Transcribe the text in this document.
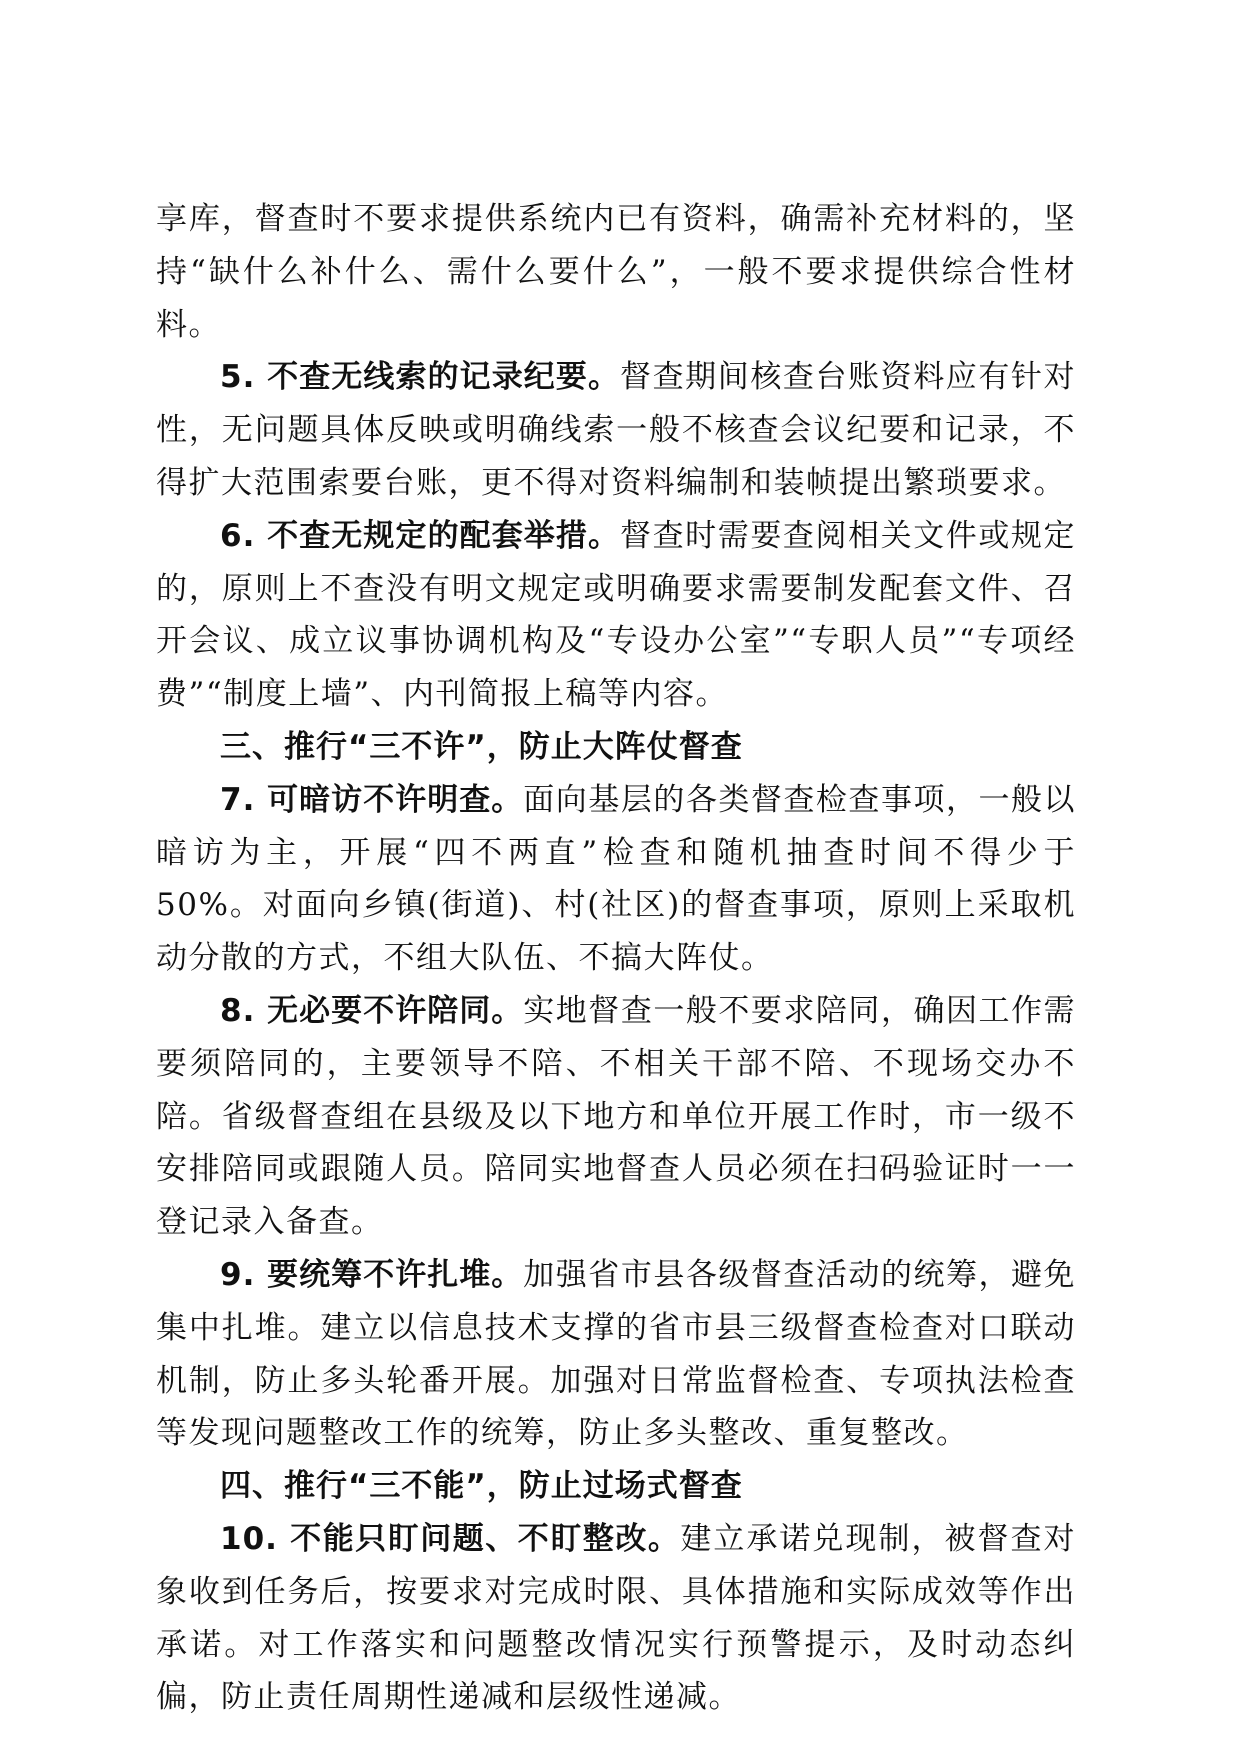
享库，督查时不要求提供系统内已有资料，确需补充材料的，坚持“缺什么补什么、需什么要什么”，一般不要求提供综合性材料。

5. 不查无线索的记录纪要。督查期间核查台账资料应有针对性，无问题具体反映或明确线索一般不核查会议纪要和记录，不得扩大范围索要台账，更不得对资料编制和装帧提出繁琐要求。

6. 不查无规定的配套举措。督查时需要查阅相关文件或规定的，原则上不查没有明文规定或明确要求需要制发配套文件、召开会议、成立议事协调机构及“专设办公室”“专职人员”“专项经费”“制度上墙”、内刊简报上稿等内容。

三、推行“三不许”，防止大阵仗督查

7. 可暗访不许明查。面向基层的各类督查检查事项，一般以暗访为主，开展“四不两直”检查和随机抽查时间不得少于50%。对面向乡镇(街道)、村(社区)的督查事项，原则上采取机动分散的方式，不组大队伍、不搞大阵仗。

8. 无必要不许陪同。实地督查一般不要求陪同，确因工作需要须陪同的，主要领导不陪、不相关干部不陪、不现场交办不陪。省级督查组在县级及以下地方和单位开展工作时，市一级不安排陪同或跟随人员。陪同实地督查人员必须在扫码验证时一一登记录入备查。

9. 要统筹不许扎堆。加强省市县各级督查活动的统筹，避免集中扎堆。建立以信息技术支撑的省市县三级督查检查对口联动机制，防止多头轮番开展。加强对日常监督检查、专项执法检查等发现问题整改工作的统筹，防止多头整改、重复整改。

四、推行“三不能”，防止过场式督查

10. 不能只盯问题、不盯整改。建立承诺兑现制，被督查对象收到任务后，按要求对完成时限、具体措施和实际成效等作出承诺。对工作落实和问题整改情况实行预警提示，及时动态纠偏，防止责任周期性递减和层级性递减。
